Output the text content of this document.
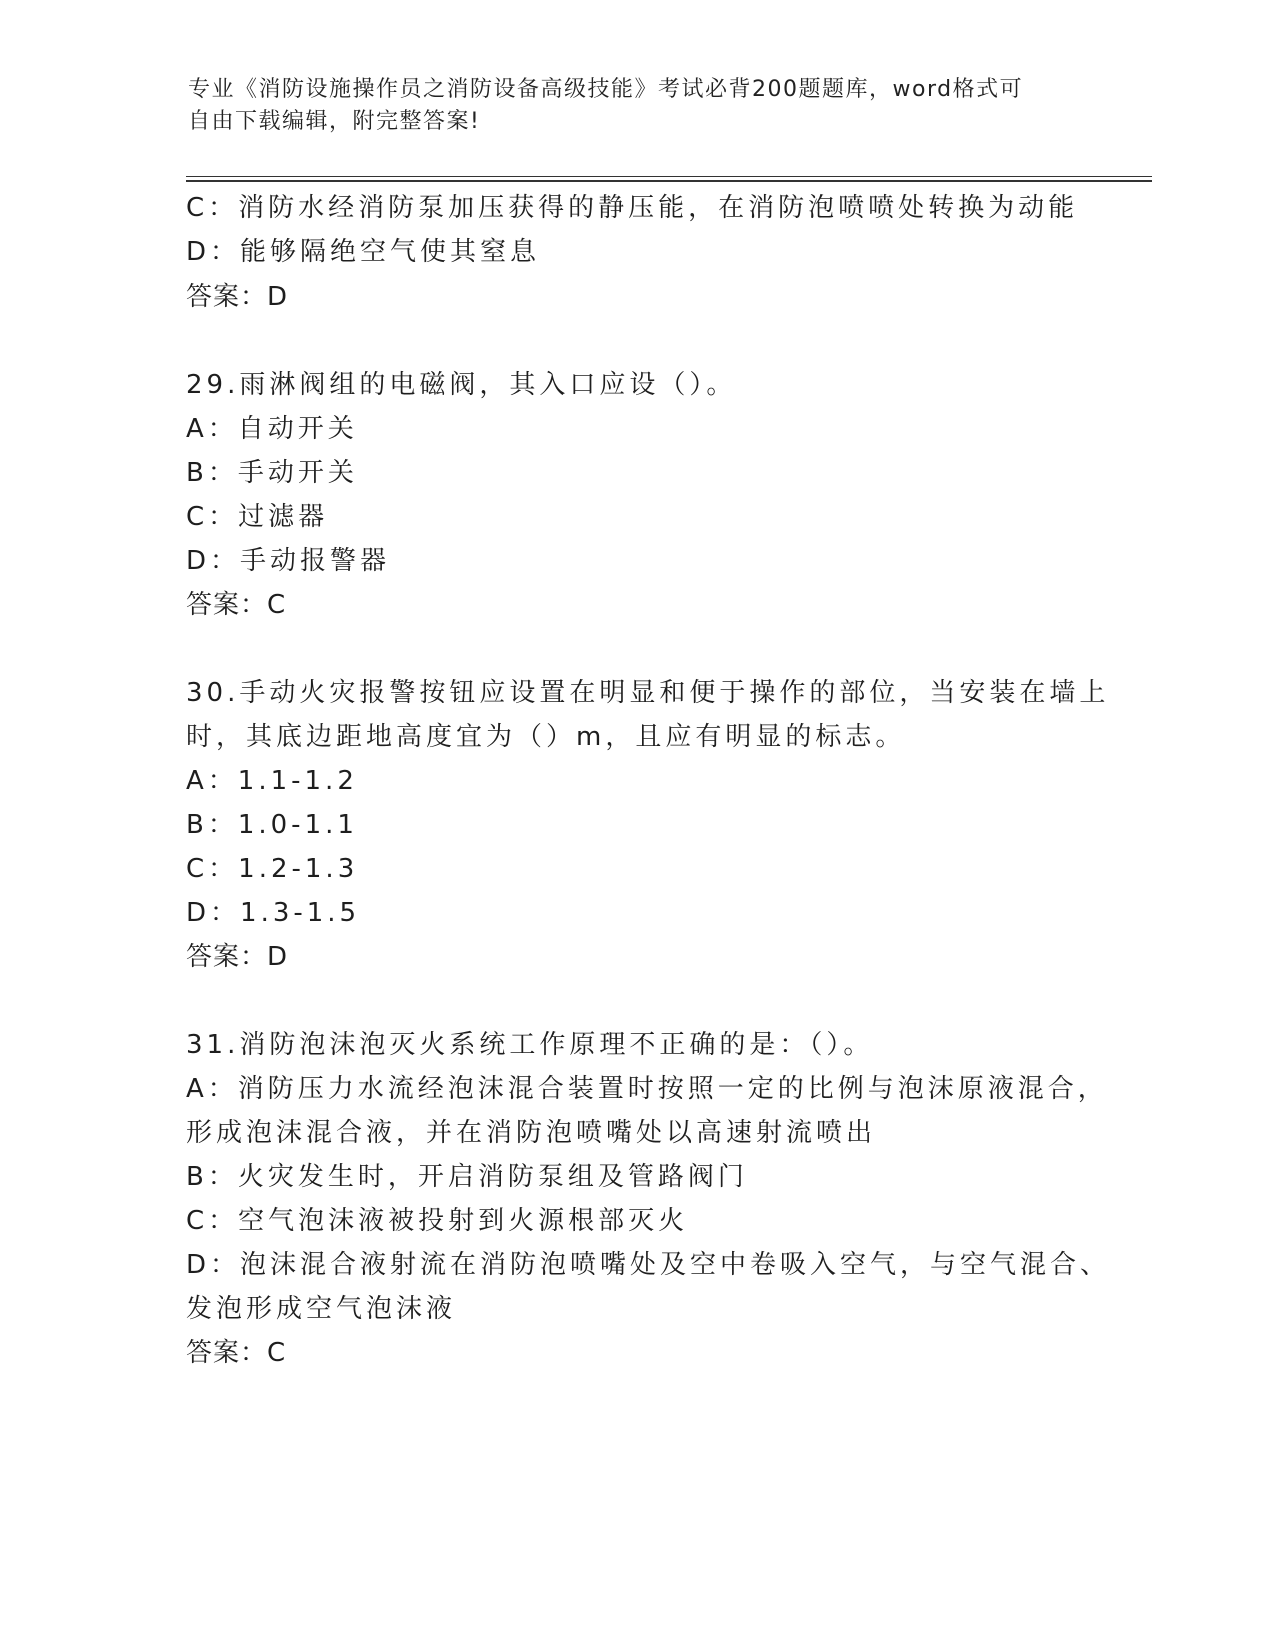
专业《消防设施操作员之消防设备高级技能》考试必背200题题库，word格式可
自由下载编辑，附完整答案!
C：消防水经消防泵加压获得的静压能，在消防泡喷喷处转换为动能
D：能够隔绝空气使其窒息
答案：D
29.雨淋阀组的电磁阀，其入口应设（）。
A：自动开关
B：手动开关
C：过滤器
D：手动报警器
答案：C
30.手动火灾报警按钮应设置在明显和便于操作的部位，当安装在墙上
时，其底边距地高度宜为（）m，且应有明显的标志。
A：1.1-1.2
B：1.0-1.1
C：1.2-1.3
D：1.3-1.5
答案：D
31.消防泡沫泡灭火系统工作原理不正确的是：（）。
A：消防压力水流经泡沫混合装置时按照一定的比例与泡沫原液混合，
形成泡沫混合液，并在消防泡喷嘴处以高速射流喷出
B：火灾发生时，开启消防泵组及管路阀门
C：空气泡沫液被投射到火源根部灭火
D：泡沫混合液射流在消防泡喷嘴处及空中卷吸入空气，与空气混合、
发泡形成空气泡沫液
答案：C
